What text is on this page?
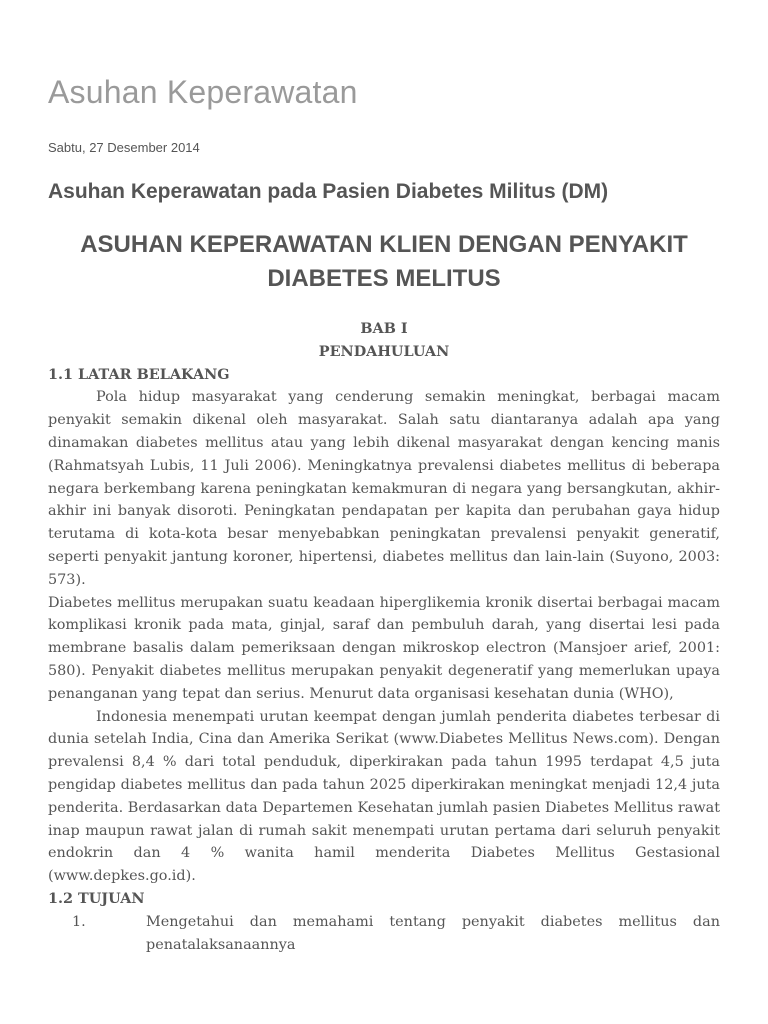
Asuhan Keperawatan
Sabtu, 27 Desember 2014
Asuhan Keperawatan pada Pasien Diabetes Militus (DM)
ASUHAN KEPERAWATAN KLIEN DENGAN PENYAKIT DIABETES MELITUS

BAB I

PENDAHULUAN

1.1 LATAR BELAKANG

Pola hidup masyarakat yang cenderung semakin meningkat, berbagai macam penyakit semakin dikenal oleh masyarakat. Salah satu diantaranya adalah apa yang dinamakan diabetes mellitus atau yang lebih dikenal masyarakat dengan kencing manis (Rahmatsyah Lubis, 11 Juli 2006). Meningkatnya prevalensi diabetes mellitus di beberapa negara berkembang karena peningkatan kemakmuran di negara yang bersangkutan, akhir-akhir ini banyak disoroti. Peningkatan pendapatan per kapita dan perubahan gaya hidup terutama di kota-kota besar menyebabkan peningkatan prevalensi penyakit generatif, seperti penyakit jantung koroner, hipertensi, diabetes mellitus dan lain-lain (Suyono, 2003: 573).

Diabetes mellitus merupakan suatu keadaan hiperglikemia kronik disertai berbagai macam komplikasi kronik pada mata, ginjal, saraf dan pembuluh darah, yang disertai lesi pada membrane basalis dalam pemeriksaan dengan mikroskop electron (Mansjoer arief, 2001: 580). Penyakit diabetes mellitus merupakan penyakit degeneratif yang memerlukan upaya penanganan yang tepat dan serius. Menurut data organisasi kesehatan dunia (WHO),

Indonesia menempati urutan keempat dengan jumlah penderita diabetes terbesar di dunia setelah India, Cina dan Amerika Serikat (www.Diabetes Mellitus News.com). Dengan prevalensi 8,4 % dari total penduduk, diperkirakan pada tahun 1995 terdapat 4,5 juta pengidap diabetes mellitus dan pada tahun 2025 diperkirakan meningkat menjadi 12,4 juta penderita. Berdasarkan data Departemen Kesehatan jumlah pasien Diabetes Mellitus rawat inap maupun rawat jalan di rumah sakit menempati urutan pertama dari seluruh penyakit endokrin dan 4 % wanita hamil menderita Diabetes Mellitus Gestasional (www.depkes.go.id).

1.2 TUJUAN

1.	Mengetahui dan memahami tentang penyakit diabetes mellitus dan penatalaksanaannya
